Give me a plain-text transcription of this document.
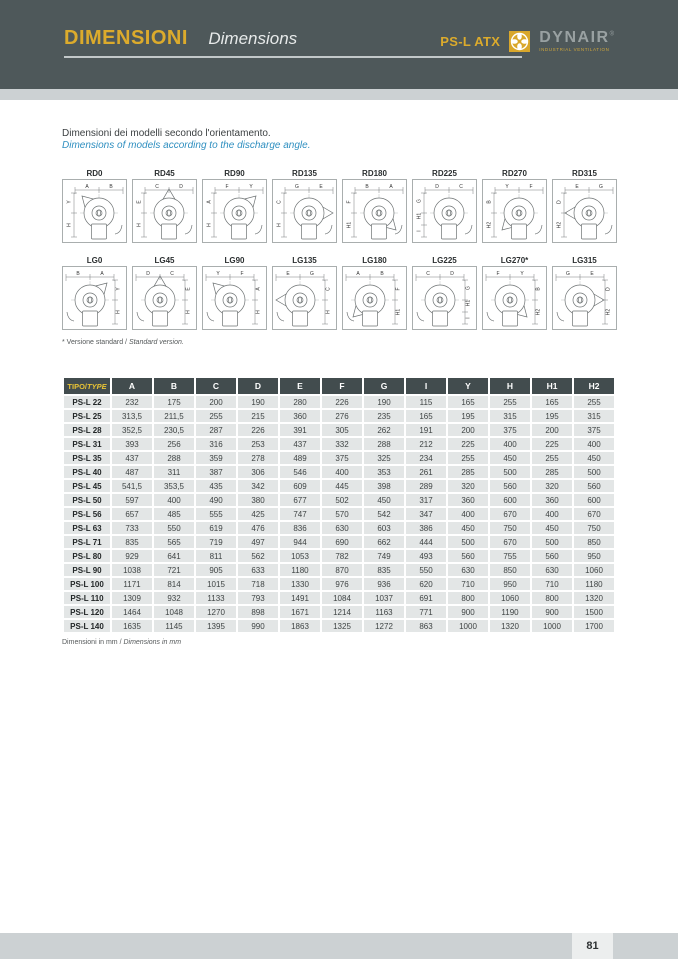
DIMENSIONI Dimensions	PS-L ATX DYNAIR®
INDUSTRIAL VENTILATION
Dimensioni dei modelli secondo l'orientamento.
Dimensions of models according to the discharge angle.
RD0
A	B
Y
H
RD45
C	D
E
H
RD90
F	Y
A
H
RD135
G	E
C
H
RD180
B	A
F
H1
RD225
D	C
G
H1
I
RD270
Y	F
B
H2
RD315
E	G
D
H2
LG0
B	A
Y
H
LG45
D	C
E
H
LG90
Y	F
A
H
LG135
E	G
C
H
LG180
A	B
F
H1
LG225
C	D
G
H1
I
LG270*
F	Y
B
H2
LG315
G	E
D
H2
* Versione standard / Standard version.
TIPO/TYPE	A	B	C	D	E	F	G	I	Y	H	H1	H2
PS-L 22	232	175	200	190	280	226	190	115	165	255	165	255
PS-L 25	313,5	211,5	255	215	360	276	235	165	195	315	195	315
PS-L 28	352,5	230,5	287	226	391	305	262	191	200	375	200	375
PS-L 31	393	256	316	253	437	332	288	212	225	400	225	400
PS-L 35	437	288	359	278	489	375	325	234	255	450	255	450
PS-L 40	487	311	387	306	546	400	353	261	285	500	285	500
PS-L 45	541,5	353,5	435	342	609	445	398	289	320	560	320	560
PS-L 50	597	400	490	380	677	502	450	317	360	600	360	600
PS-L 56	657	485	555	425	747	570	542	347	400	670	400	670
PS-L 63	733	550	619	476	836	630	603	386	450	750	450	750
PS-L 71	835	565	719	497	944	690	662	444	500	670	500	850
PS-L 80	929	641	811	562	1053	782	749	493	560	755	560	950
PS-L 90	1038	721	905	633	1180	870	835	550	630	850	630	1060
PS-L 100	1171	814	1015	718	1330	976	936	620	710	950	710	1180
PS-L 110	1309	932	1133	793	1491	1084	1037	691	800	1060	800	1320
PS-L 120	1464	1048	1270	898	1671	1214	1163	771	900	1190	900	1500
PS-L 140	1635	1145	1395	990	1863	1325	1272	863	1000	1320	1000	1700
Dimensioni in mm / Dimensions in mm
81
